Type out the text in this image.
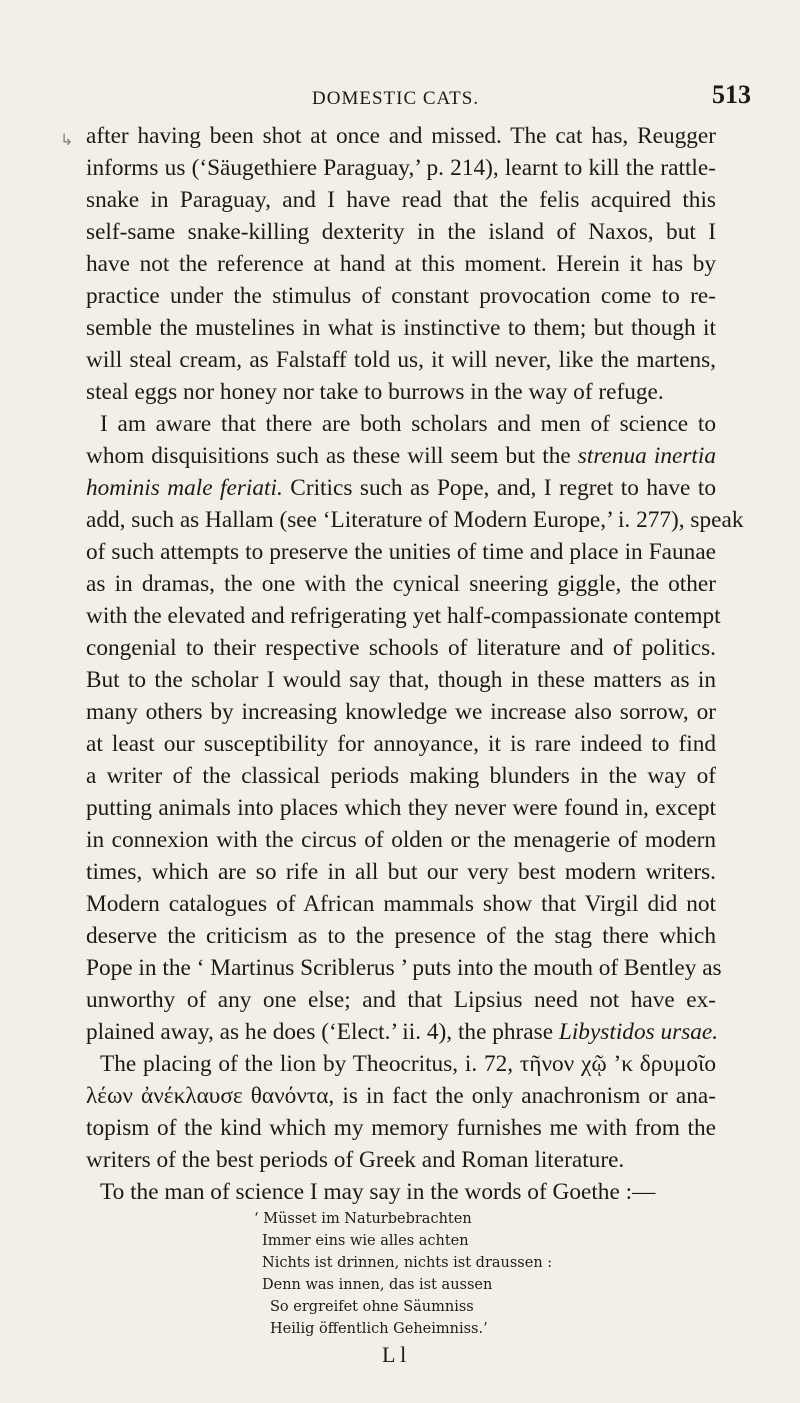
DOMESTIC CATS.	513
↳ after having been shot at once and missed. The cat has, Reugger
informs us (‘Säugethiere Paraguay,’ p. 214), learnt to kill the rattle-
snake in Paraguay, and I have read that the felis acquired this
self-same snake-killing dexterity in the island of Naxos, but I
have not the reference at hand at this moment. Herein it has by
practice under the stimulus of constant provocation come to re-
semble the mustelines in what is instinctive to them; but though it
will steal cream, as Falstaff told us, it will never, like the martens,
steal eggs nor honey nor take to burrows in the way of refuge.
I am aware that there are both scholars and men of science to
whom disquisitions such as these will seem but the strenua inertia
hominis male feriati. Critics such as Pope, and, I regret to have to
add, such as Hallam (see ‘Literature of Modern Europe,’ i. 277), speak
of such attempts to preserve the unities of time and place in Faunae
as in dramas, the one with the cynical sneering giggle, the other
with the elevated and refrigerating yet half-compassionate contempt
congenial to their respective schools of literature and of politics.
But to the scholar I would say that, though in these matters as in
many others by increasing knowledge we increase also sorrow, or
at least our susceptibility for annoyance, it is rare indeed to find
a writer of the classical periods making blunders in the way of
putting animals into places which they never were found in, except
in connexion with the circus of olden or the menagerie of modern
times, which are so rife in all but our very best modern writers.
Modern catalogues of African mammals show that Virgil did not
deserve the criticism as to the presence of the stag there which
Pope in the ‘ Martinus Scriblerus ’ puts into the mouth of Bentley as
unworthy of any one else; and that Lipsius need not have ex-
plained away, as he does (‘Elect.’ ii. 4), the phrase Libystidos ursae.
The placing of the lion by Theocritus, i. 72, τῆνον χῷ ’κ δρυμοῖο
λέων ἀνέκλαυσε θανόντα, is in fact the only anachronism or ana-
topism of the kind which my memory furnishes me with from the
writers of the best periods of Greek and Roman literature.
To the man of science I may say in the words of Goethe :—
‘ Müsset im Naturbebrachten
Immer eins wie alles achten
Nichts ist drinnen, nichts ist draussen :
Denn was innen, das ist aussen
So ergreifet ohne Säumniss
Heilig öffentlich Geheimniss.’
L l
